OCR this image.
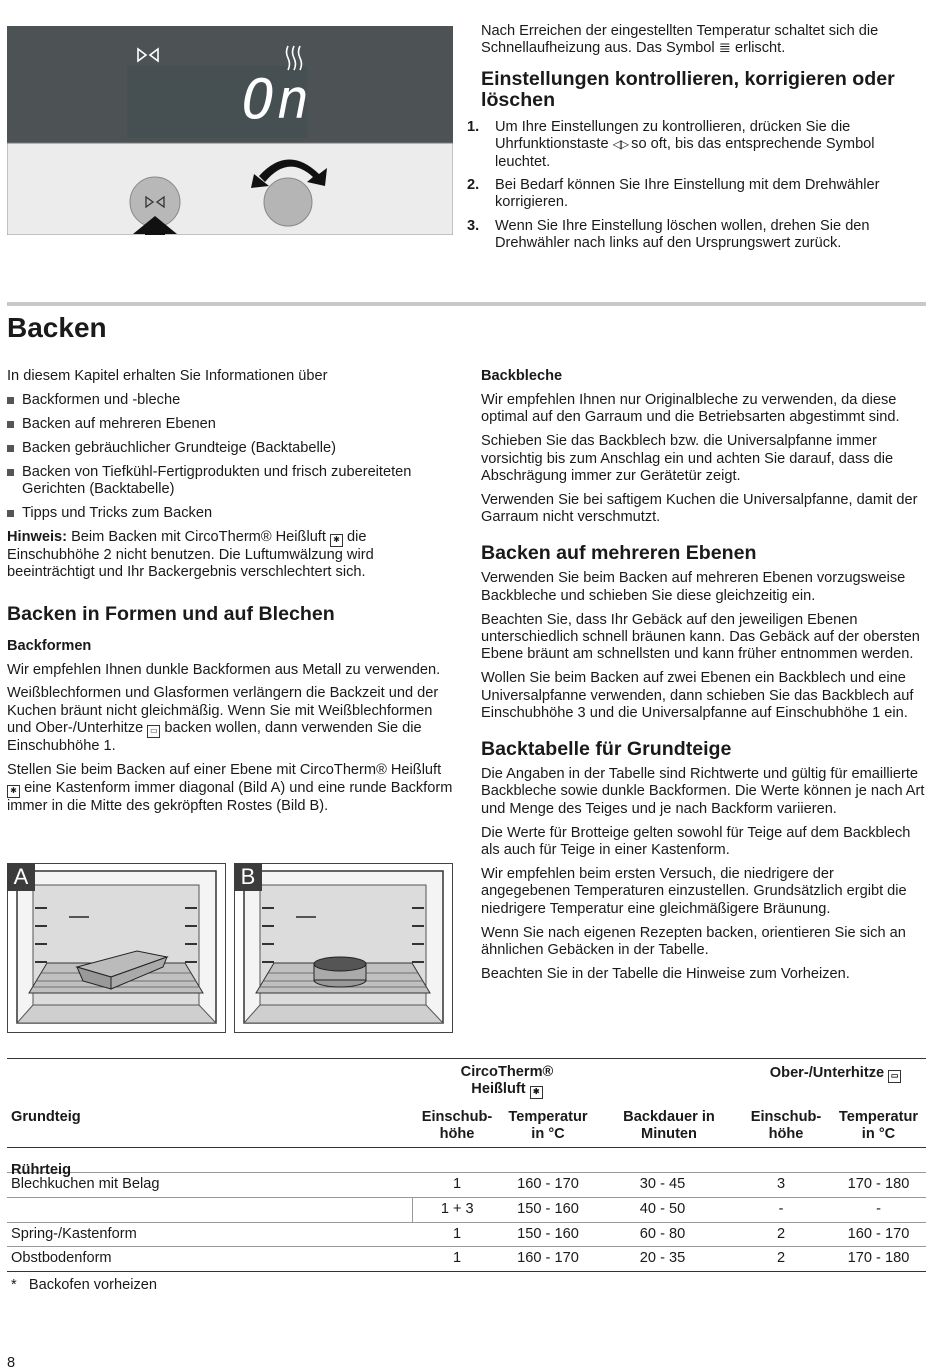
On

Nach Erreichen der eingestellten Temperatur schaltet sich die Schnellaufheizung aus. Das Symbol ≣ erlischt.

Einstellungen kontrollieren, korrigieren oder löschen

1. Um Ihre Einstellungen zu kontrollieren, drücken Sie die Uhrfunktionstaste ◁▷ so oft, bis das entsprechende Symbol leuchtet.

2. Bei Bedarf können Sie Ihre Einstellung mit dem Drehwähler korrigieren.

3. Wenn Sie Ihre Einstellung löschen wollen, drehen Sie den Drehwähler nach links auf den Ursprungswert zurück.

Backen

In diesem Kapitel erhalten Sie Informationen über

Backformen und -bleche
Backen auf mehreren Ebenen
Backen gebräuchlicher Grundteige (Backtabelle)
Backen von Tiefkühl-Fertigprodukten und frisch zubereiteten Gerichten (Backtabelle)
Tipps und Tricks zum Backen

Hinweis: Beim Backen mit CircoTherm® Heißluft ✱ die Einschubhöhe 2 nicht benutzen. Die Luftumwälzung wird beeinträchtigt und Ihr Backergebnis verschlechtert sich.

Backen in Formen und auf Blechen

Backformen

Wir empfehlen Ihnen dunkle Backformen aus Metall zu verwenden.

Weißblechformen und Glasformen verlängern die Backzeit und der Kuchen bräunt nicht gleichmäßig. Wenn Sie mit Weißblechformen und Ober-/Unterhitze ▭ backen wollen, dann verwenden Sie die Einschubhöhe 1.

Stellen Sie beim Backen auf einer Ebene mit CircoTherm® Heißluft ✱ eine Kastenform immer diagonal (Bild A) und eine runde Backform immer in die Mitte des gekröpften Rostes (Bild B).

A	B

Backbleche

Wir empfehlen Ihnen nur Originalbleche zu verwenden, da diese optimal auf den Garraum und die Betriebsarten abgestimmt sind.

Schieben Sie das Backblech bzw. die Universalpfanne immer vorsichtig bis zum Anschlag ein und achten Sie darauf, dass die Abschrägung immer zur Gerätetür zeigt.

Verwenden Sie bei saftigem Kuchen die Universalpfanne, damit der Garraum nicht verschmutzt.

Backen auf mehreren Ebenen

Verwenden Sie beim Backen auf mehreren Ebenen vorzugsweise Backbleche und schieben Sie diese gleichzeitig ein.

Beachten Sie, dass Ihr Gebäck auf den jeweiligen Ebenen unterschiedlich schnell bräunen kann. Das Gebäck auf der obersten Ebene bräunt am schnellsten und kann früher entnommen werden.

Wollen Sie beim Backen auf zwei Ebenen ein Backblech und eine Universalpfanne verwenden, dann schieben Sie das Backblech auf Einschubhöhe 3 und die Universalpfanne auf Einschubhöhe 1 ein.

Backtabelle für Grundteige

Die Angaben in der Tabelle sind Richtwerte und gültig für emaillierte Backbleche sowie dunkle Backformen. Die Werte können je nach Art und Menge des Teiges und je nach Backform variieren.

Die Werte für Brotteige gelten sowohl für Teige auf dem Backblech als auch für Teige in einer Kastenform.

Wir empfehlen beim ersten Versuch, die niedrigere der angegebenen Temperaturen einzustellen. Grundsätzlich ergibt die niedrigere Temperatur eine gleichmäßigere Bräunung.

Wenn Sie nach eigenen Rezepten backen, orientieren Sie sich an ähnlichen Gebäcken in der Tabelle.

Beachten Sie in der Tabelle die Hinweise zum Vorheizen.

CircoTherm®
Heißluft ✱
Ober-/Unterhitze ▭
Grundteig	Einschub-
höhe
Temperatur
in °C
Backdauer in
Minuten
Einschub-
höhe
Temperatur
in °C
Rührteig
Blechkuchen mit Belag	1	160 - 170	30 - 45	3	170 - 180
	1 + 3	150 - 160	40 - 50	-	-
Spring-/Kastenform	1	150 - 160	60 - 80	2	160 - 170
Obstbodenform	1	160 - 170	20 - 35	2	170 - 180
*   Backofen vorheizen
8
